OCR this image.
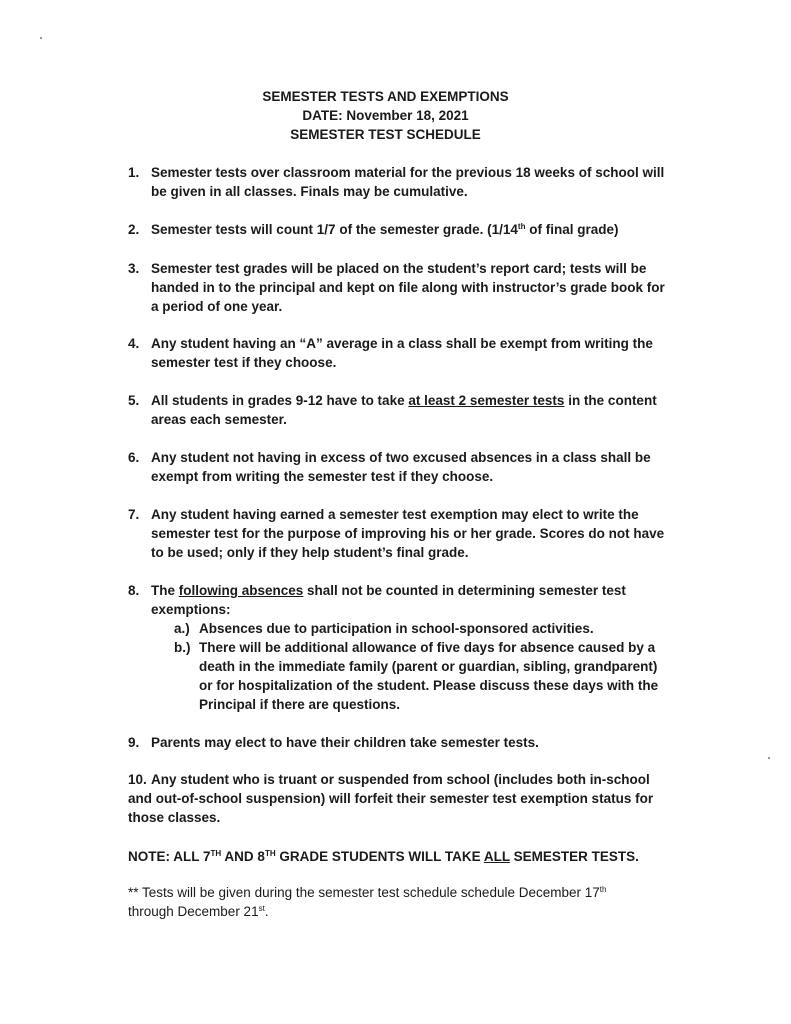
SEMESTER TESTS AND EXEMPTIONS
DATE: November 18, 2021
SEMESTER TEST SCHEDULE
1. Semester tests over classroom material for the previous 18 weeks of school will be given in all classes. Finals may be cumulative.
2. Semester tests will count 1/7 of the semester grade. (1/14th of final grade)
3. Semester test grades will be placed on the student’s report card; tests will be handed in to the principal and kept on file along with instructor’s grade book for a period of one year.
4. Any student having an “A” average in a class shall be exempt from writing the semester test if they choose.
5. All students in grades 9-12 have to take at least 2 semester tests in the content areas each semester.
6. Any student not having in excess of two excused absences in a class shall be exempt from writing the semester test if they choose.
7. Any student having earned a semester test exemption may elect to write the semester test for the purpose of improving his or her grade. Scores do not have to be used; only if they help student’s final grade.
8. The following absences shall not be counted in determining semester test exemptions:
a.) Absences due to participation in school-sponsored activities.
b.) There will be additional allowance of five days for absence caused by a death in the immediate family (parent or guardian, sibling, grandparent) or for hospitalization of the student. Please discuss these days with the Principal if there are questions.
9. Parents may elect to have their children take semester tests.
10. Any student who is truant or suspended from school (includes both in-school and out-of-school suspension) will forfeit their semester test exemption status for those classes.
NOTE: ALL 7TH AND 8TH GRADE STUDENTS WILL TAKE ALL SEMESTER TESTS.
** Tests will be given during the semester test schedule schedule December 17th
through December 21st.
